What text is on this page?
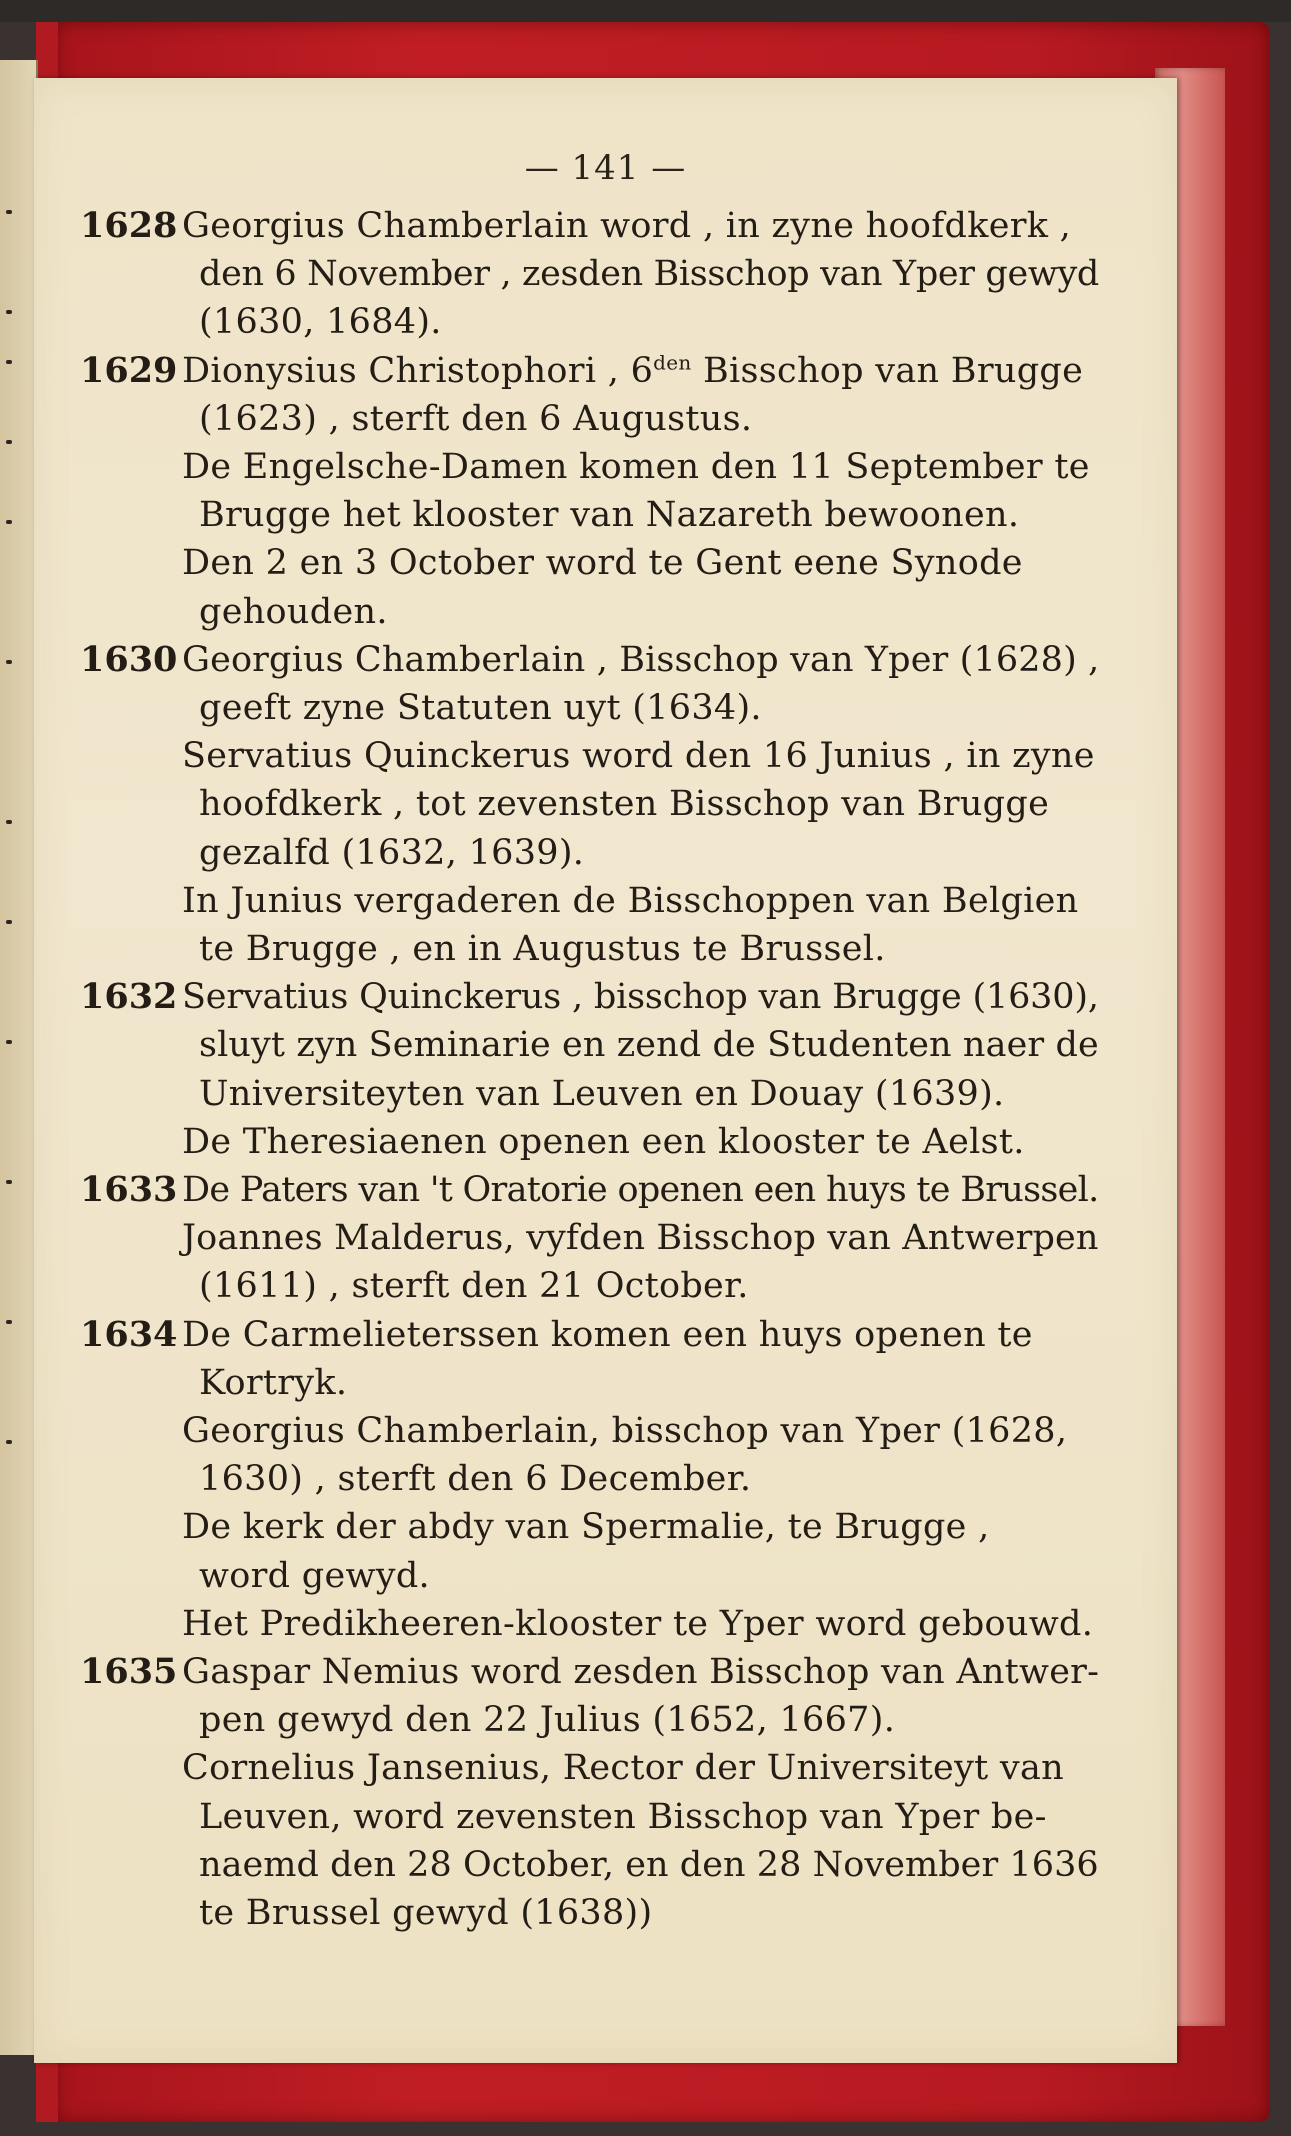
— 141 —
1628 Georgius Chamberlain word , in zyne hoofdkerk ,
den 6 November , zesden Bisschop van Yper gewyd
(1630, 1684).
1629 Dionysius Christophori , $6^{den}$ Bisschop van Brugge
(1623) , sterft den 6 Augustus.
De Engelsche-Damen komen den 11 September te
Brugge het klooster van Nazareth bewoonen.
Den 2 en 3 October word te Gent eene Synode
gehouden.
1630 Georgius Chamberlain , Bisschop van Yper (1628) ,
geeft zyne Statuten uyt (1634).
Servatius Quinckerus word den 16 Junius , in zyne
hoofdkerk , tot zevensten Bisschop van Brugge
gezalfd (1632, 1639).
In Junius vergaderen de Bisschoppen van Belgien
te Brugge , en in Augustus te Brussel.
1632 Servatius Quinckerus , bisschop van Brugge (1630),
sluyt zyn Seminarie en zend de Studenten naer de
Universiteyten van Leuven en Douay (1639).
De Theresiaenen openen een klooster te Aelst.
1633 De Paters van 't Oratorie openen een huys te Brussel.
Joannes Malderus, vyfden Bisschop van Antwerpen
(1611) , sterft den 21 October.
1634 De Carmelieterssen komen een huys openen te
Kortryk.
Georgius Chamberlain, bisschop van Yper (1628,
1630) , sterft den 6 December.
De kerk der abdy van Spermalie, te Brugge ,
word gewyd.
Het Predikheeren-klooster te Yper word gebouwd.
1635 Gaspar Nemius word zesden Bisschop van Antwer-
pen gewyd den 22 Julius (1652, 1667).
Cornelius Jansenius, Rector der Universiteyt van
Leuven, word zevensten Bisschop van Yper be-
naemd den 28 October, en den 28 November 1636
te Brussel gewyd (1638))
